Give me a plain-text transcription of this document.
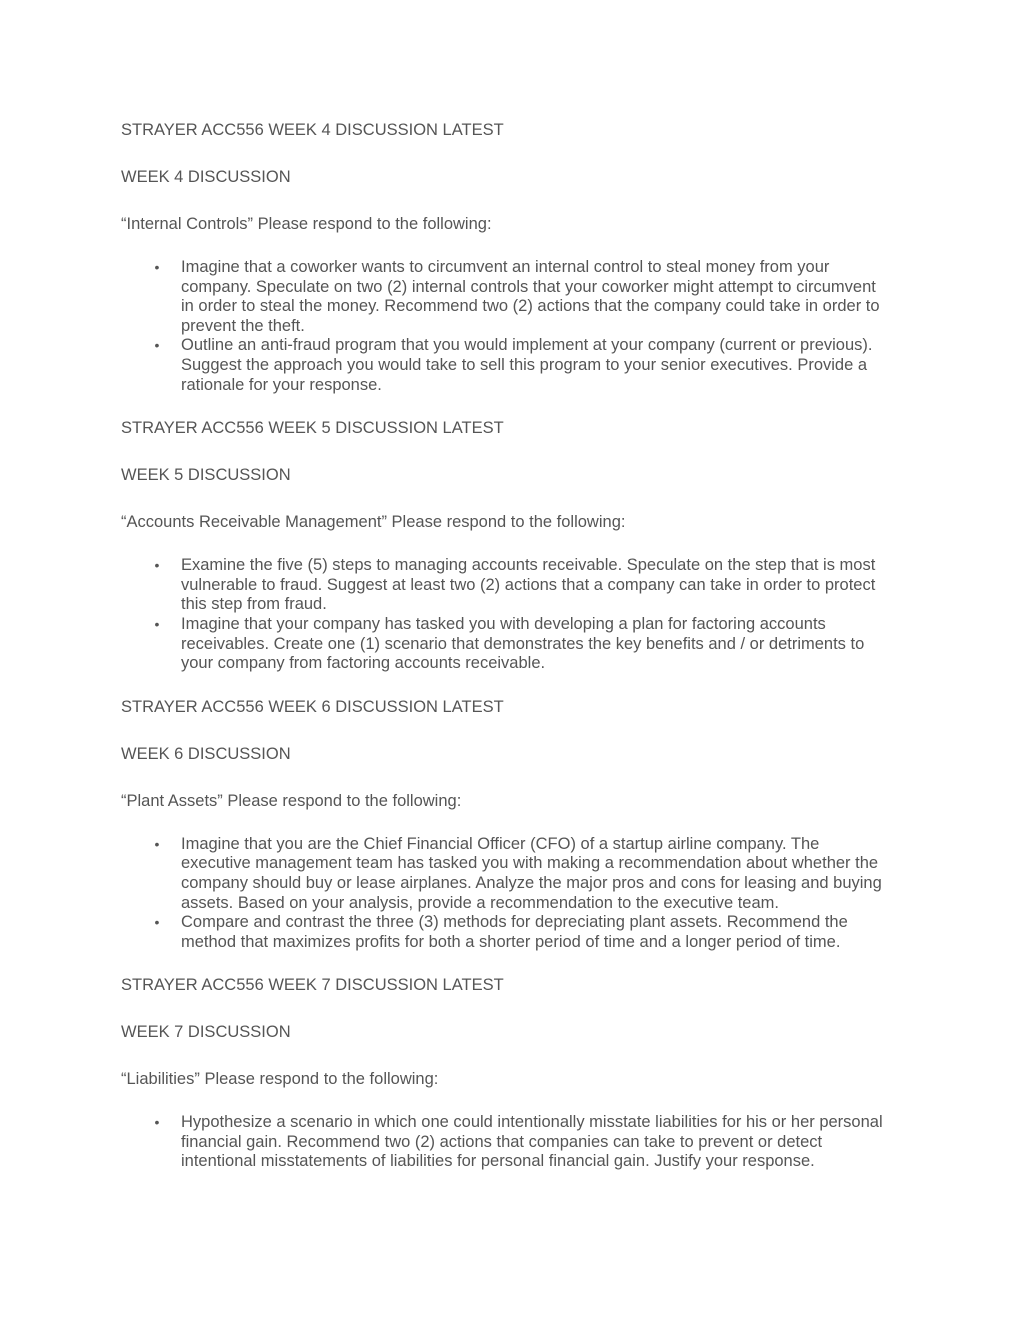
STRAYER ACC556 WEEK 4 DISCUSSION LATEST

WEEK 4 DISCUSSION

“Internal Controls” Please respond to the following:

• Imagine that a coworker wants to circumvent an internal control to steal money from your company. Speculate on two (2) internal controls that your coworker might attempt to circumvent in order to steal the money. Recommend two (2) actions that the company could take in order to prevent the theft.
• Outline an anti-fraud program that you would implement at your company (current or previous). Suggest the approach you would take to sell this program to your senior executives. Provide a rationale for your response.

STRAYER ACC556 WEEK 5 DISCUSSION LATEST

WEEK 5 DISCUSSION

“Accounts Receivable Management” Please respond to the following:

• Examine the five (5) steps to managing accounts receivable. Speculate on the step that is most vulnerable to fraud. Suggest at least two (2) actions that a company can take in order to protect this step from fraud.
• Imagine that your company has tasked you with developing a plan for factoring accounts receivables. Create one (1) scenario that demonstrates the key benefits and / or detriments to your company from factoring accounts receivable.

STRAYER ACC556 WEEK 6 DISCUSSION LATEST

WEEK 6 DISCUSSION

“Plant Assets” Please respond to the following:

• Imagine that you are the Chief Financial Officer (CFO) of a startup airline company. The executive management team has tasked you with making a recommendation about whether the company should buy or lease airplanes. Analyze the major pros and cons for leasing and buying assets. Based on your analysis, provide a recommendation to the executive team.
• Compare and contrast the three (3) methods for depreciating plant assets. Recommend the method that maximizes profits for both a shorter period of time and a longer period of time.

STRAYER ACC556 WEEK 7 DISCUSSION LATEST

WEEK 7 DISCUSSION

“Liabilities” Please respond to the following:

• Hypothesize a scenario in which one could intentionally misstate liabilities for his or her personal financial gain. Recommend two (2) actions that companies can take to prevent or detect intentional misstatements of liabilities for personal financial gain. Justify your response.
